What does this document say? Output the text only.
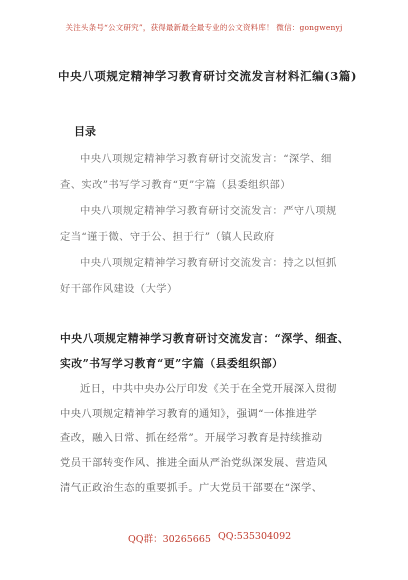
关注头条号“公文研究”，获得最新最全最专业的公文资料库！ 微信：gongwenyj
中央八项规定精神学习教育研讨交流发言材料汇编(3篇)
目录

中央八项规定精神学习教育研讨交流发言：“深学、细

查、实改”书写学习教育“更”字篇（县委组织部）

中央八项规定精神学习教育研讨交流发言：严守八项规

定当“谨于微、守于公、担于行”（镇人民政府

中央八项规定精神学习教育研讨交流发言：持之以恒抓

好干部作风建设（大学）

中央八项规定精神学习教育研讨交流发言：“深学、细查、

实改”书写学习教育“更”字篇（县委组织部）

近日，中共中央办公厅印发《关于在全党开展深入贯彻

中央八项规定精神学习教育的通知》，强调“一体推进学

查改，融入日常、抓在经常”。开展学习教育是持续推动

党员干部转变作风、推进全面从严治党纵深发展、营造风

清气正政治生态的重要抓手。广大党员干部要在“深学、

QQ群：30265665 QQ:535304092
